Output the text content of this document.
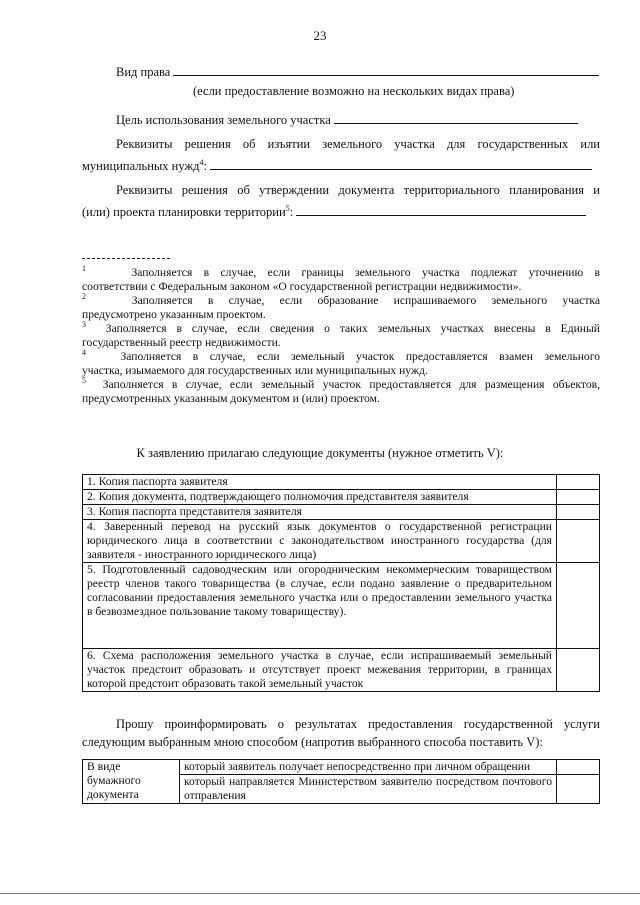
23
Вид права
(если предоставление возможно на нескольких видах права)
Цель использования земельного участка
Реквизиты решения об изъятии земельного участка для государственных или
муниципальных нужд$^4$:
Реквизиты решения об утверждении документа территориального планирования и
(или) проекта планировки территории$^5$:
$^1$	Заполняется в случае, если границы земельного участка подлежат уточнению в
соответствии с Федеральным законом «О государственной регистрации недвижимости».
$^2$	Заполняется в случае, если образование испрашиваемого земельного участка
предусмотрено указанным проектом.
$^3$ Заполняется в случае, если сведения о таких земельных участках внесены в Единый
государственный реестр недвижимости.
$^4$	Заполняется в случае, если земельный участок предоставляется взамен земельного
участка, изымаемого для государственных или муниципальных нужд.
$^5$ Заполняется в случае, если земельный участок предоставляется для размещения объектов,
предусмотренных указанным документом и (или) проектом.
К заявлению прилагаю следующие документы (нужное отметить V):
1. Копия паспорта заявителя	
2. Копия документа, подтверждающего полномочия представителя заявителя	
3. Копия паспорта представителя заявителя	
4. Заверенный перевод на русский язык документов о государственной регистрации юридического лица в соответствии с законодательством иностранного государства (для заявителя - иностранного юридического лица)	
5. Подготовленный садоводческим или огородническим некоммерческим товариществом реестр членов такого товарищества (в случае, если подано заявление о предварительном согласовании предоставления земельного участка или о предоставлении земельного участка в безвозмездное пользование такому товариществу).	
6. Схема расположения земельного участка в случае, если испрашиваемый земельный участок предстоит образовать и отсутствует проект межевания территории, в границах которой предстоит образовать такой земельный участок	
Прошу проинформировать о результатах предоставления государственной услуги
следующим выбранным мною способом (напротив выбранного способа поставить V):
В виде бумажного документа	который заявитель получает непосредственно при личном обращении	
	который направляется Министерством заявителю посредством почтового отправления	
